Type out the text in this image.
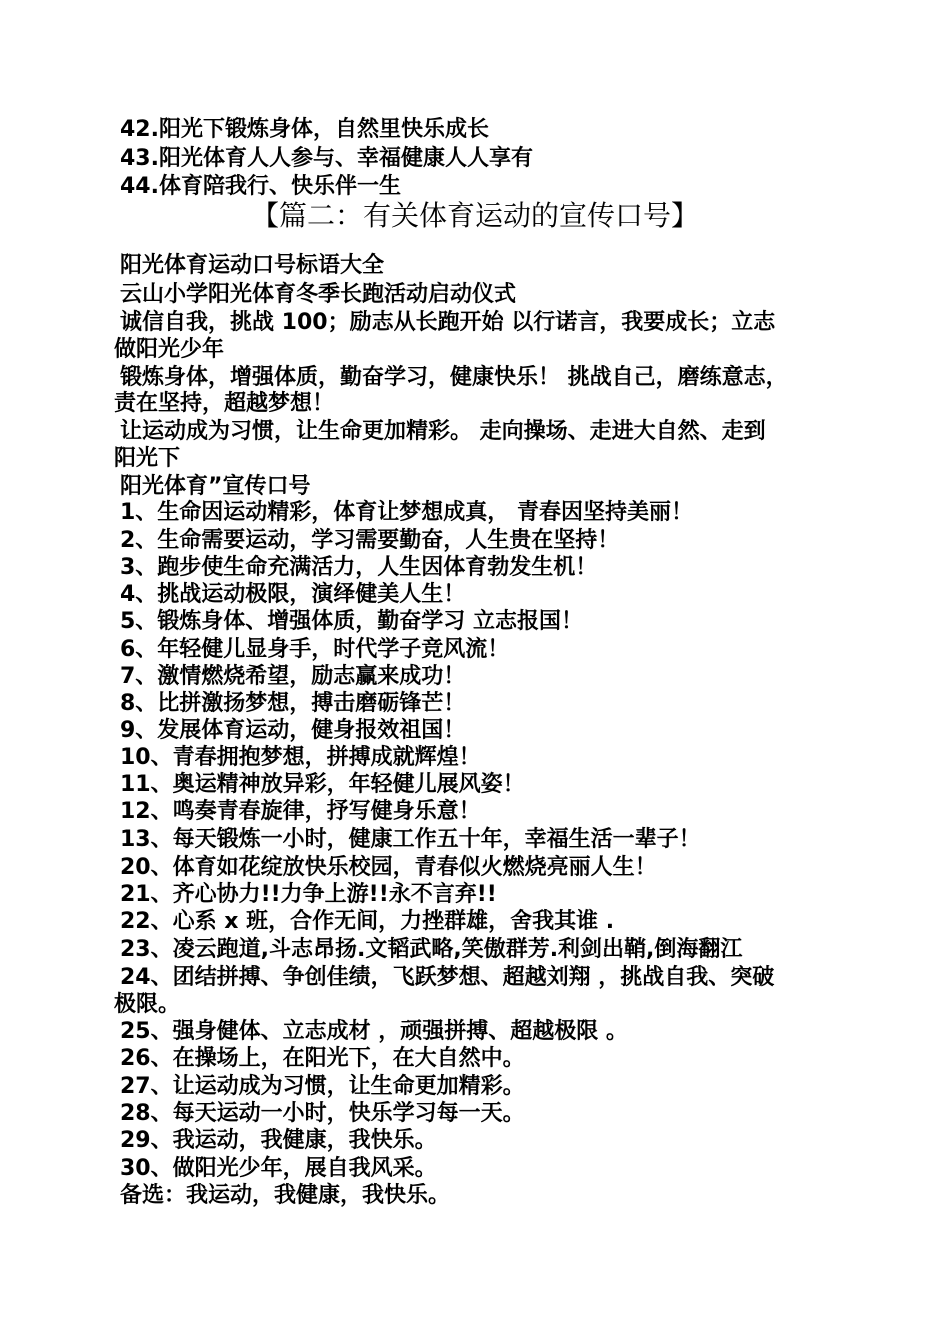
42.阳光下锻炼身体，自然里快乐成长
43.阳光体育人人参与、幸福健康人人享有
44.体育陪我行、快乐伴一生
【篇二：有关体育运动的宣传口号】
阳光体育运动口号标语大全
云山小学阳光体育冬季长跑活动启动仪式
诚信自我，挑战 100；励志从长跑开始 以行诺言，我要成长；立志
做阳光少年
锻炼身体，增强体质，勤奋学习，健康快乐！ 挑战自己，磨练意志，
责在坚持，超越梦想！
让运动成为习惯，让生命更加精彩。 走向操场、走进大自然、走到
阳光下
阳光体育”宣传口号
1、生命因运动精彩，体育让梦想成真， 青春因坚持美丽！
2、生命需要运动，学习需要勤奋，人生贵在坚持！
3、跑步使生命充满活力，人生因体育勃发生机！
4、挑战运动极限，演绎健美人生！
5、锻炼身体、增强体质，勤奋学习 立志报国！
6、年轻健儿显身手，时代学子竞风流！
7、激情燃烧希望，励志赢来成功！
8、比拼激扬梦想，搏击磨砺锋芒！
9、发展体育运动，健身报效祖国！
10、青春拥抱梦想，拼搏成就辉煌！
11、奥运精神放异彩，年轻健儿展风姿！
12、鸣奏青春旋律，抒写健身乐意！
13、每天锻炼一小时，健康工作五十年，幸福生活一辈子！
20、体育如花绽放快乐校园，青春似火燃烧亮丽人生！
21、齐心协力!!力争上游!!永不言弃!!
22、心系 x 班，合作无间，力挫群雄，舍我其谁 .
23、凌云跑道,斗志昂扬.文韬武略,笑傲群芳.利剑出鞘,倒海翻江
24、团结拼搏、争创佳绩，飞跃梦想、超越刘翔 ，挑战自我、突破
极限。
25、强身健体、立志成材 ，顽强拼搏、超越极限 。
26、在操场上，在阳光下，在大自然中。
27、让运动成为习惯，让生命更加精彩。
28、每天运动一小时，快乐学习每一天。
29、我运动，我健康，我快乐。
30、做阳光少年，展自我风采。
备选：我运动，我健康，我快乐。
